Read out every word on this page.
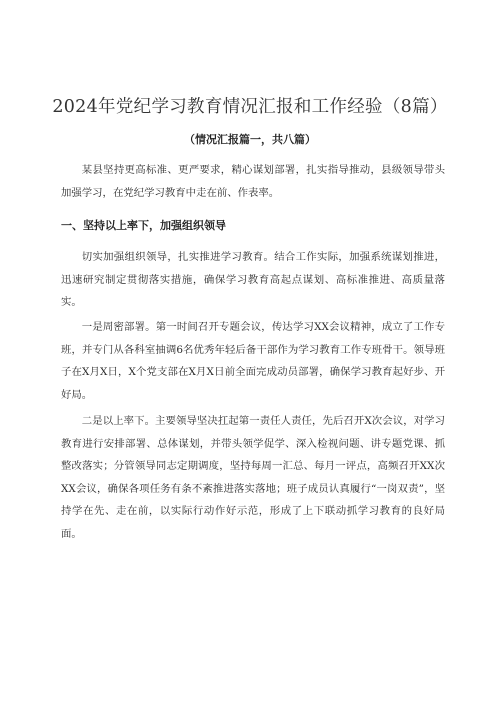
2024年党纪学习教育情况汇报和工作经验（8篇）
（情况汇报篇一，共八篇）

某县坚持更高标准、更严要求，精心谋划部署，扎实指导推动，县级领导带头加强学习，在党纪学习教育中走在前、作表率。

一、坚持以上率下，加强组织领导

切实加强组织领导，扎实推进学习教育。结合工作实际，加强系统谋划推进，迅速研究制定贯彻落实措施，确保学习教育高起点谋划、高标准推进、高质量落实。

一是周密部署。第一时间召开专题会议，传达学习XX会议精神，成立了工作专班，并专门从各科室抽调6名优秀年轻后备干部作为学习教育工作专班骨干。领导班子在X月X日，X个党支部在X月X日前全面完成动员部署，确保学习教育起好步、开好局。

二是以上率下。主要领导坚决扛起第一责任人责任，先后召开X次会议，对学习教育进行安排部署、总体谋划，并带头领学促学、深入检视问题、讲专题党课、抓整改落实；分管领导同志定期调度，坚持每周一汇总、每月一评点，高频召开XX次XX会议，确保各项任务有条不紊推进落实落地；班子成员认真履行“一岗双责”，坚持学在先、走在前，以实际行动作好示范，形成了上下联动抓学习教育的良好局面。
